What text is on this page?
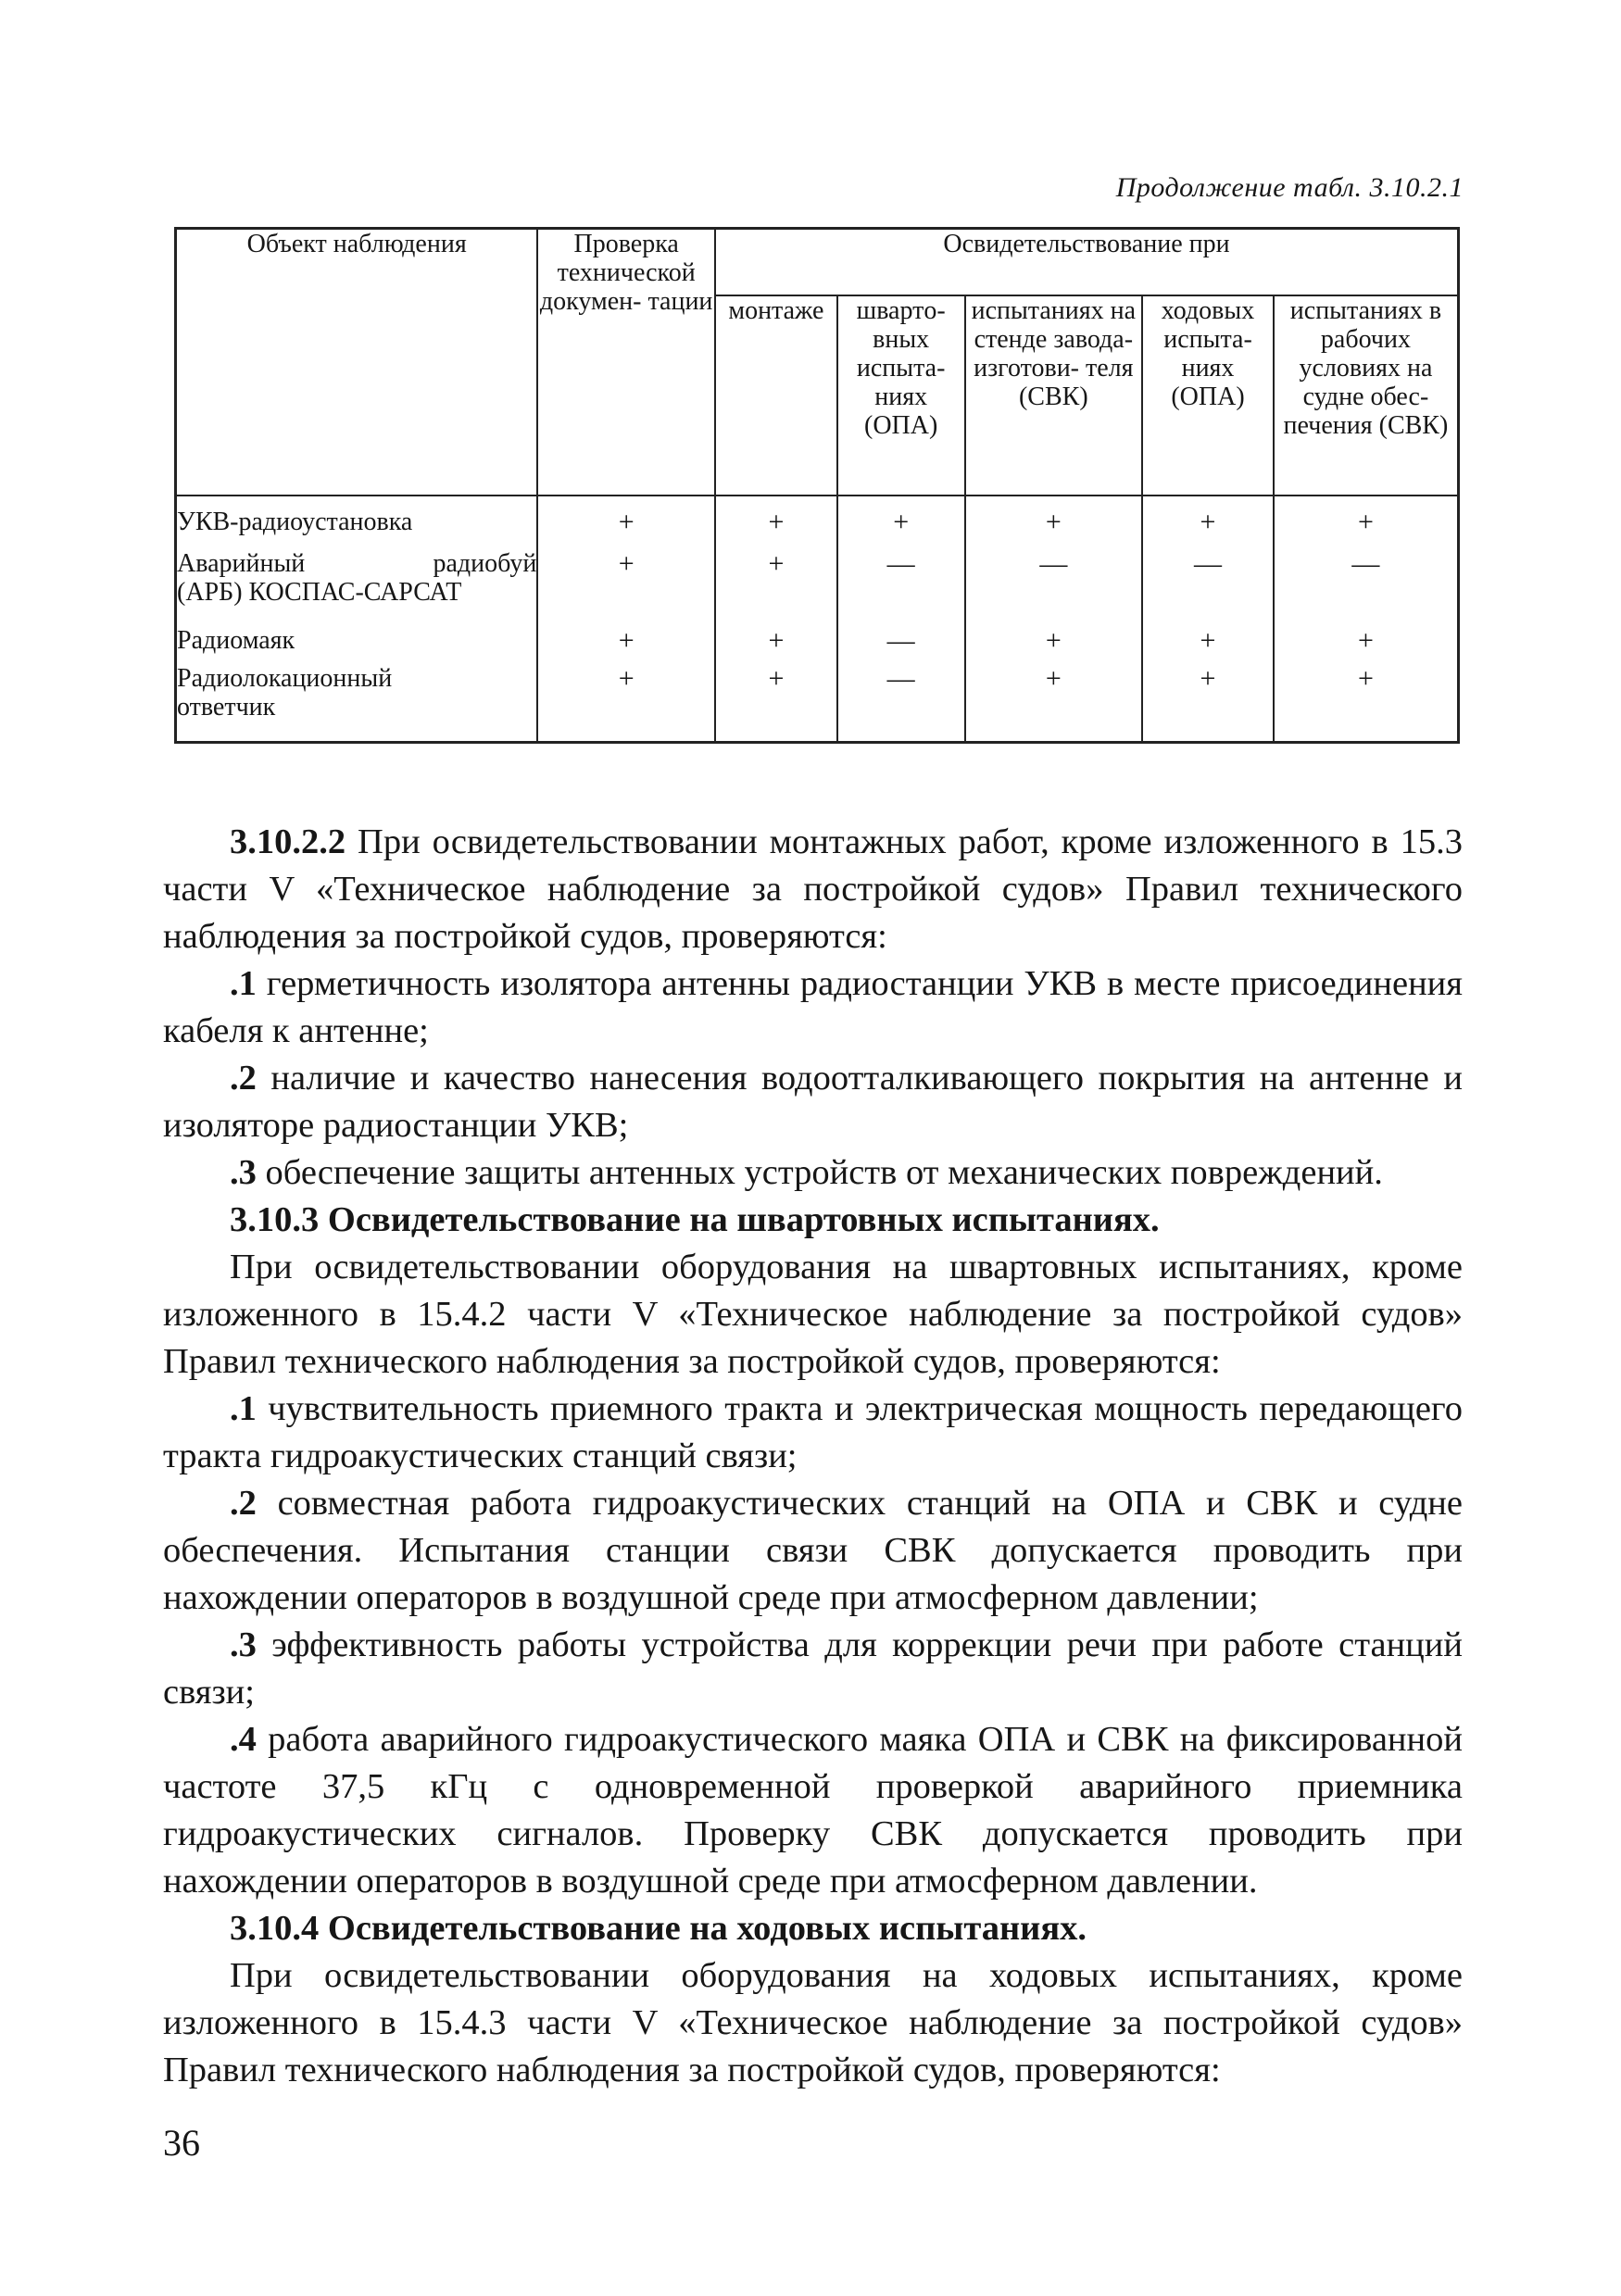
Продолжение табл. 3.10.2.1
Объект наблюдения	Проверка технической докумен- тации	Освидетельствование при				
		монтаже	швартo- вных испыта- ниях (ОПА)	испытаниях на стенде завода- изготови- теля (СВК)	ходовых испыта- ниях (ОПА)	испытаниях в рабочих условиях на судне обес- печения (СВК)

УКВ-радиоустановка	+	+	+	+	+	+

Аварийный радиобуй
(АРБ) КОСПАС-САРСАТ	+	+	—	—	—	—

Радиомаяк	+	+	—	+	+	+

Радиолокационный
ответчик	+	+	—	+	+	+

3.10.2.2 При освидетельствовании монтажных работ, кроме изложенного в 15.3 части V «Техническое наблюдение за постройкой судов» Правил технического наблюдения за постройкой судов, проверяются:

.1 герметичность изолятора антенны радиостанции УКВ в месте присоединения кабеля к антенне;

.2 наличие и качество нанесения водоотталкивающего покрытия на антенне и изоляторе радиостанции УКВ;

.3 обеспечение защиты антенных устройств от механических повреждений.

3.10.3 Освидетельствование на швартовных испытаниях.

При освидетельствовании оборудования на швартовных испытаниях, кроме изложенного в 15.4.2 части V «Техническое наблюдение за постройкой судов» Правил технического наблюдения за постройкой судов, проверяются:

.1 чувствительность приемного тракта и электрическая мощность передающего тракта гидроакустических станций связи;

.2 совместная работа гидроакустических станций на ОПА и СВК и судне обеспечения. Испытания станции связи СВК допускается проводить при нахождении операторов в воздушной среде при атмосферном давлении;

.3 эффективность работы устройства для коррекции речи при работе станций связи;

.4 работа аварийного гидроакустического маяка ОПА и СВК на фиксированной частоте 37,5 кГц с одновременной проверкой аварийного приемника гидроакустических сигналов. Проверку СВК допускается проводить при нахождении операторов в воздушной среде при атмосферном давлении.

3.10.4 Освидетельствование на ходовых испытаниях.

При освидетельствовании оборудования на ходовых испытаниях, кроме изложенного в 15.4.3 части V «Техническое наблюдение за постройкой судов» Правил технического наблюдения за постройкой судов, проверяются:

36
